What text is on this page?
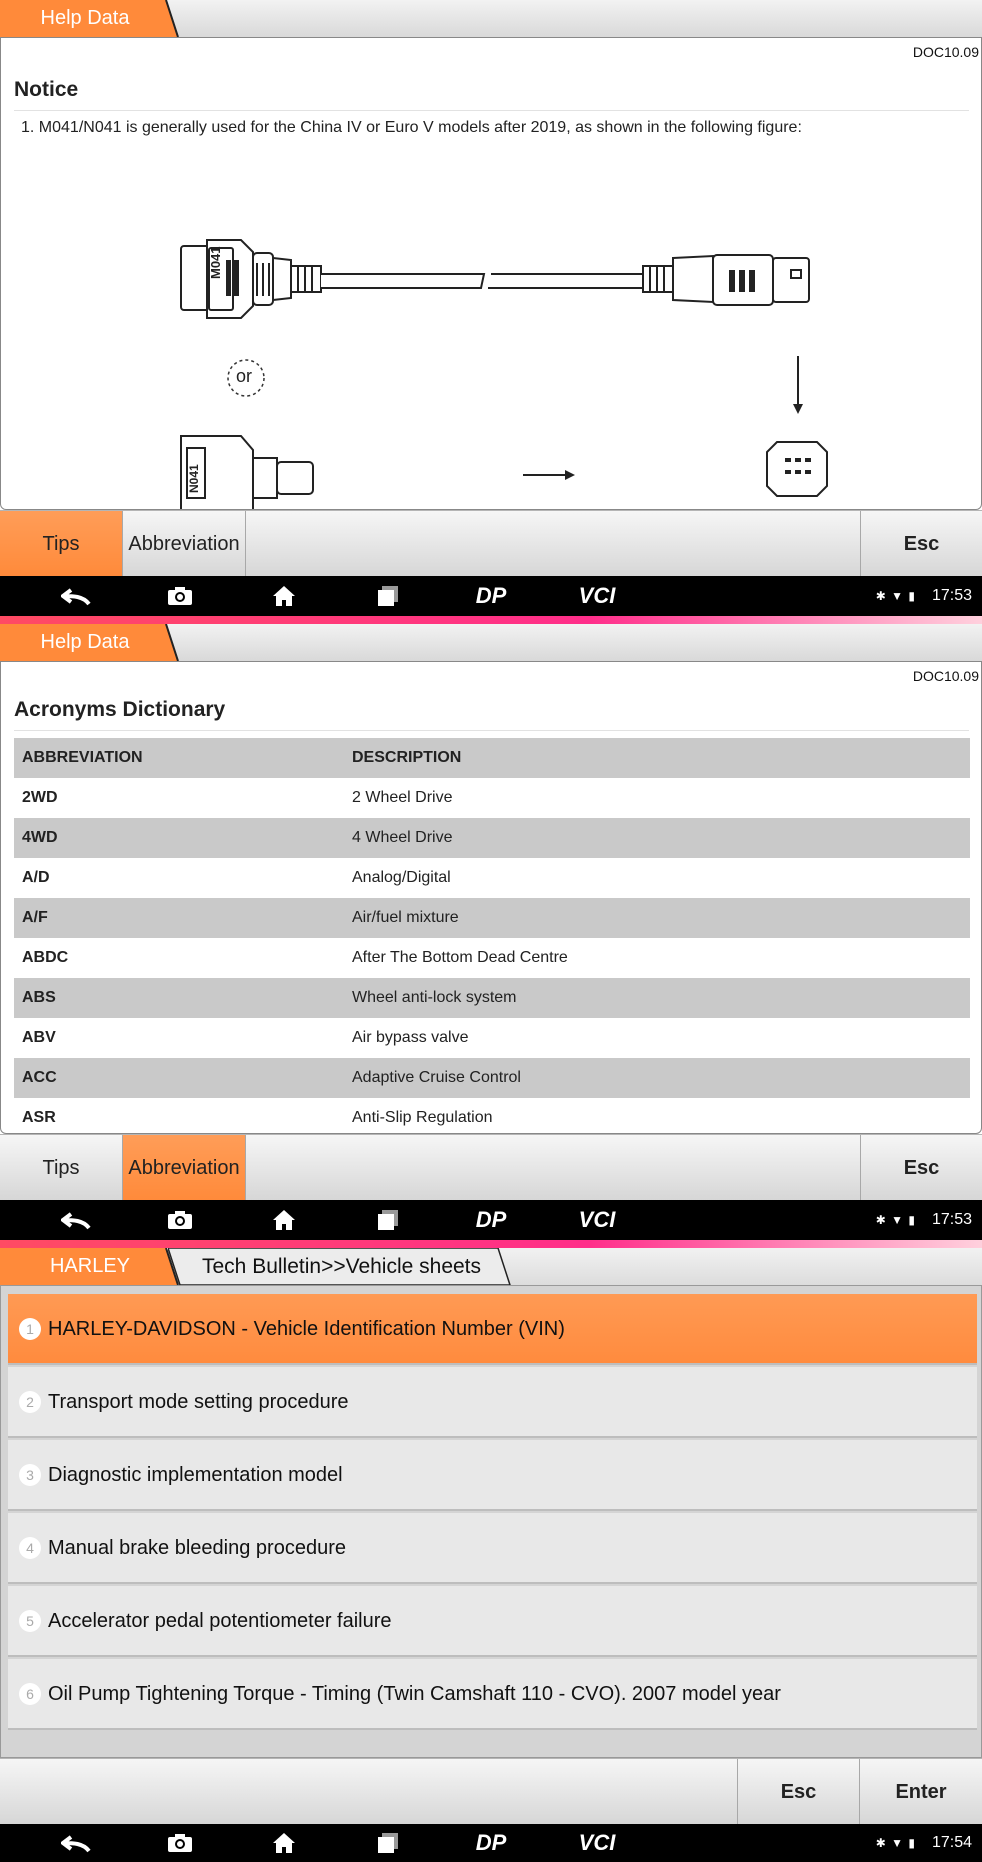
Help Data
DOC10.09
Notice
1. M041/N041 is generally used for the China IV or Euro V models after 2019, as shown in the following figure:
M041
N041
or
Tips	Abbreviation	Esc
DP	VCI	✱ ▼ ▮ 17:53
Help Data
DOC10.09
Acronyms Dictionary
ABBREVIATION	DESCRIPTION
2WD	2 Wheel Drive
4WD	4 Wheel Drive
A/D	Analog/Digital
A/F	Air/fuel mixture
ABDC	After The Bottom Dead Centre
ABS	Wheel anti-lock system
ABV	Air bypass valve
ACC	Adaptive Cruise Control
ASR	Anti-Slip Regulation
Tips	Abbreviation	Esc
DP	VCI	✱ ▼ ▮ 17:53
HARLEY	Tech Bulletin>>Vehicle sheets
1 HARLEY-DAVIDSON - Vehicle Identification Number (VIN)
2 Transport mode setting procedure
3 Diagnostic implementation model
4 Manual brake bleeding procedure
5 Accelerator pedal potentiometer failure
6 Oil Pump Tightening Torque - Timing (Twin Camshaft 110 - CVO). 2007 model year
Esc	Enter
DP	VCI	✱ ▼ ▮ 17:54
